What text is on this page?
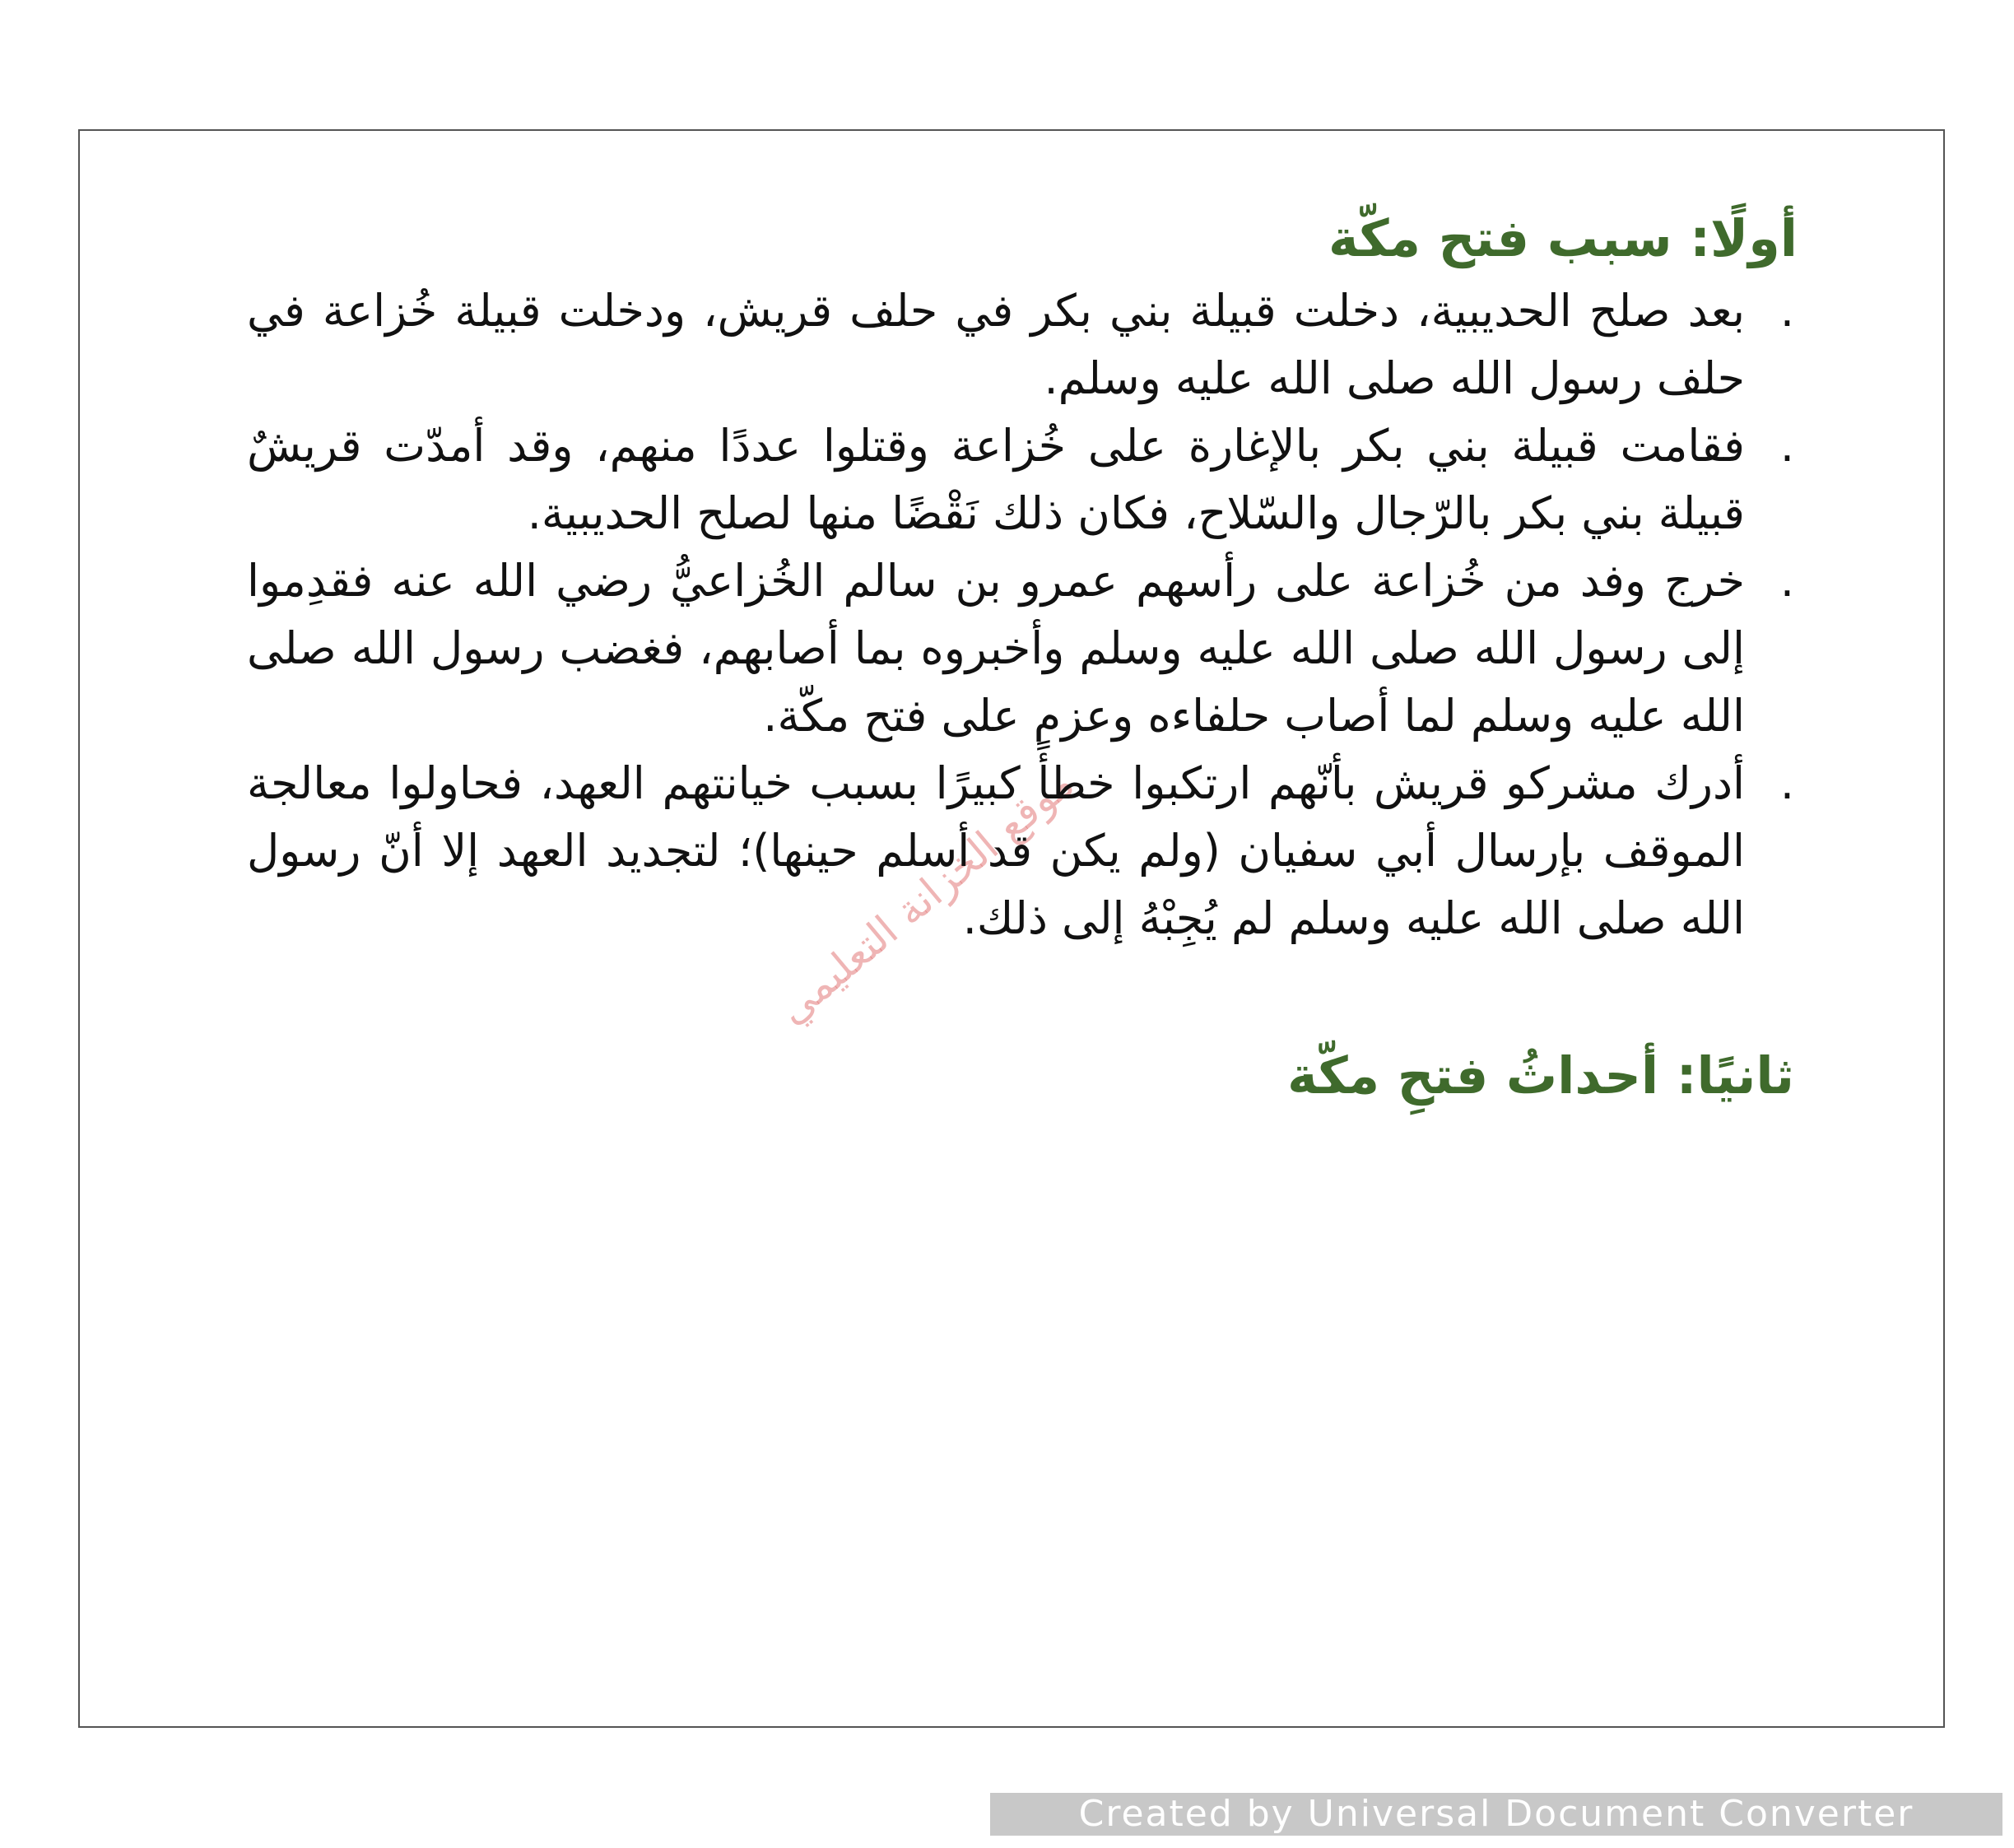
موقع الخزانة التعليمي
أولًا: سبب فتح مكّة
.
بعد صلح الحديبية، دخلت قبيلة بني بكر في حلف قريش، ودخلت قبيلة خُزاعة في حلف رسول الله صلى الله عليه وسلم.
.
فقامت قبيلة بني بكر بالإغارة على خُزاعة وقتلوا عددًا منهم، وقد أمدّت قريشٌ قبيلة بني بكر بالرّجال والسّلاح، فكان ذلك نَقْضًا منها لصلح الحديبية.
.
خرج وفد من خُزاعة على رأسهم عمرو بن سالم الخُزاعيُّ رضي الله عنه فقدِموا إلى رسول الله صلى الله عليه وسلم وأخبروه بما أصابهم، فغضب رسول الله صلى الله عليه وسلم لما أصاب حلفاءه وعزم على فتح مكّة.
.
أدرك مشركو قريش بأنّهم ارتكبوا خطأً كبيرًا بسبب خيانتهم العهد، فحاولوا معالجة الموقف بإرسال أبي سفيان (ولم يكن قد أسلم حينها)؛ لتجديد العهد إلا أنّ رسول الله صلى الله عليه وسلم لم يُجِبْهُ إلى ذلك.
ثانيًا: أحداثُ فتحِ مكّة
Created by Universal Document Converter
